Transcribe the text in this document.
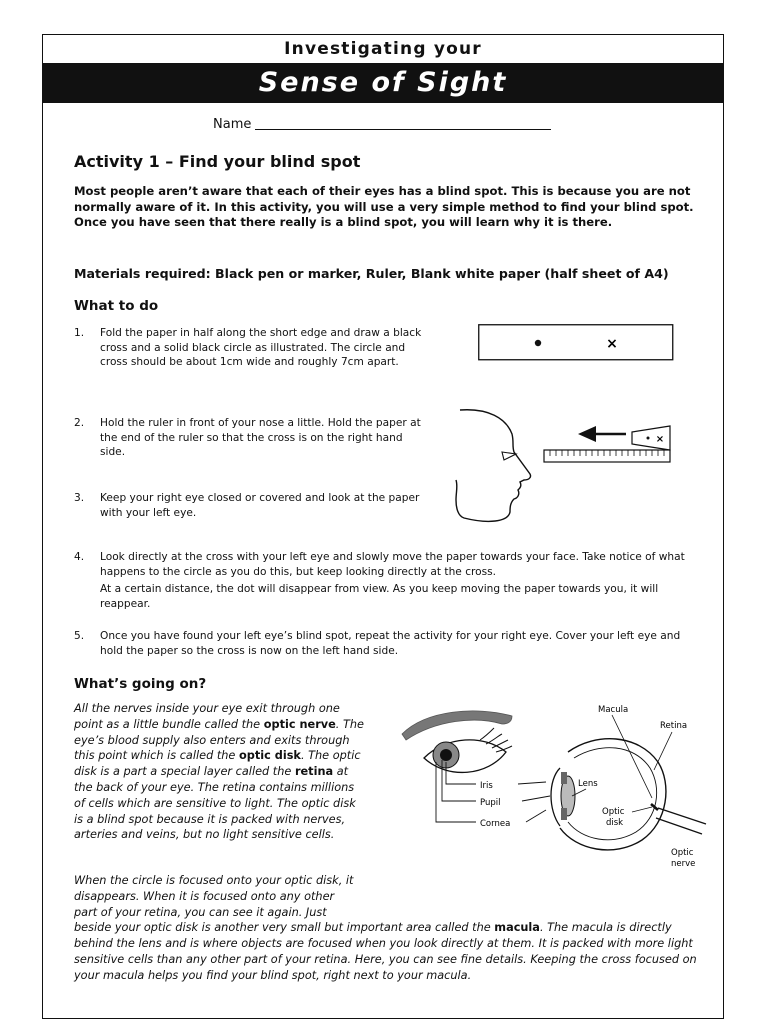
Investigating your
Sense of Sight
Name
Activity 1 – Find your blind spot
Most people aren’t aware that each of their eyes has a blind spot. This is because you are not normally aware of it. In this activity, you will use a very simple method to find your blind spot. Once you have seen that there really is a blind spot, you will learn why it is there.
Materials required: Black pen or marker, Ruler, Blank white paper (half sheet of A4)
What to do
1. Fold the paper in half along the short edge and draw a black cross and a solid black circle as illustrated. The circle and cross should be about 1cm wide and roughly 7cm apart.
2. Hold the ruler in front of your nose a little. Hold the paper at the end of the ruler so that the cross is on the right hand side.
3. Keep your right eye closed or covered and look at the paper with your left eye.
4. Look directly at the cross with your left eye and slowly move the paper towards your face. Take notice of what happens to the circle as you do this, but keep looking directly at the cross.
At a certain distance, the dot will disappear from view. As you keep moving the paper towards you, it will reappear.
5. Once you have found your left eye’s blind spot, repeat the activity for your right eye. Cover your left eye and hold the paper so the cross is now on the left hand side.
×
×
What’s going on?
All the nerves inside your eye exit through one point as a little bundle called the optic nerve. The eye’s blood supply also enters and exits through this point which is called the optic disk. The optic disk is a part a special layer called the retina at the back of your eye. The retina contains millions of cells which are sensitive to light. The optic disk is a blind spot because it is packed with nerves, arteries and veins, but no light sensitive cells.
When the circle is focused onto your optic disk, it
disappears. When it is focused onto any other
part of your retina, you can see it again. Just
beside your optic disk is another very small but important area called the macula. The macula is directly behind the lens and is where objects are focused when you look directly at them. It is packed with more light sensitive cells than any other part of your retina. Here, you can see fine details. Keeping the cross focused on your macula helps you find your blind spot, right next to your macula.
Iris
Pupil
Cornea
Lens
Macula
Retina
Optic
disk
Optic
nerve
